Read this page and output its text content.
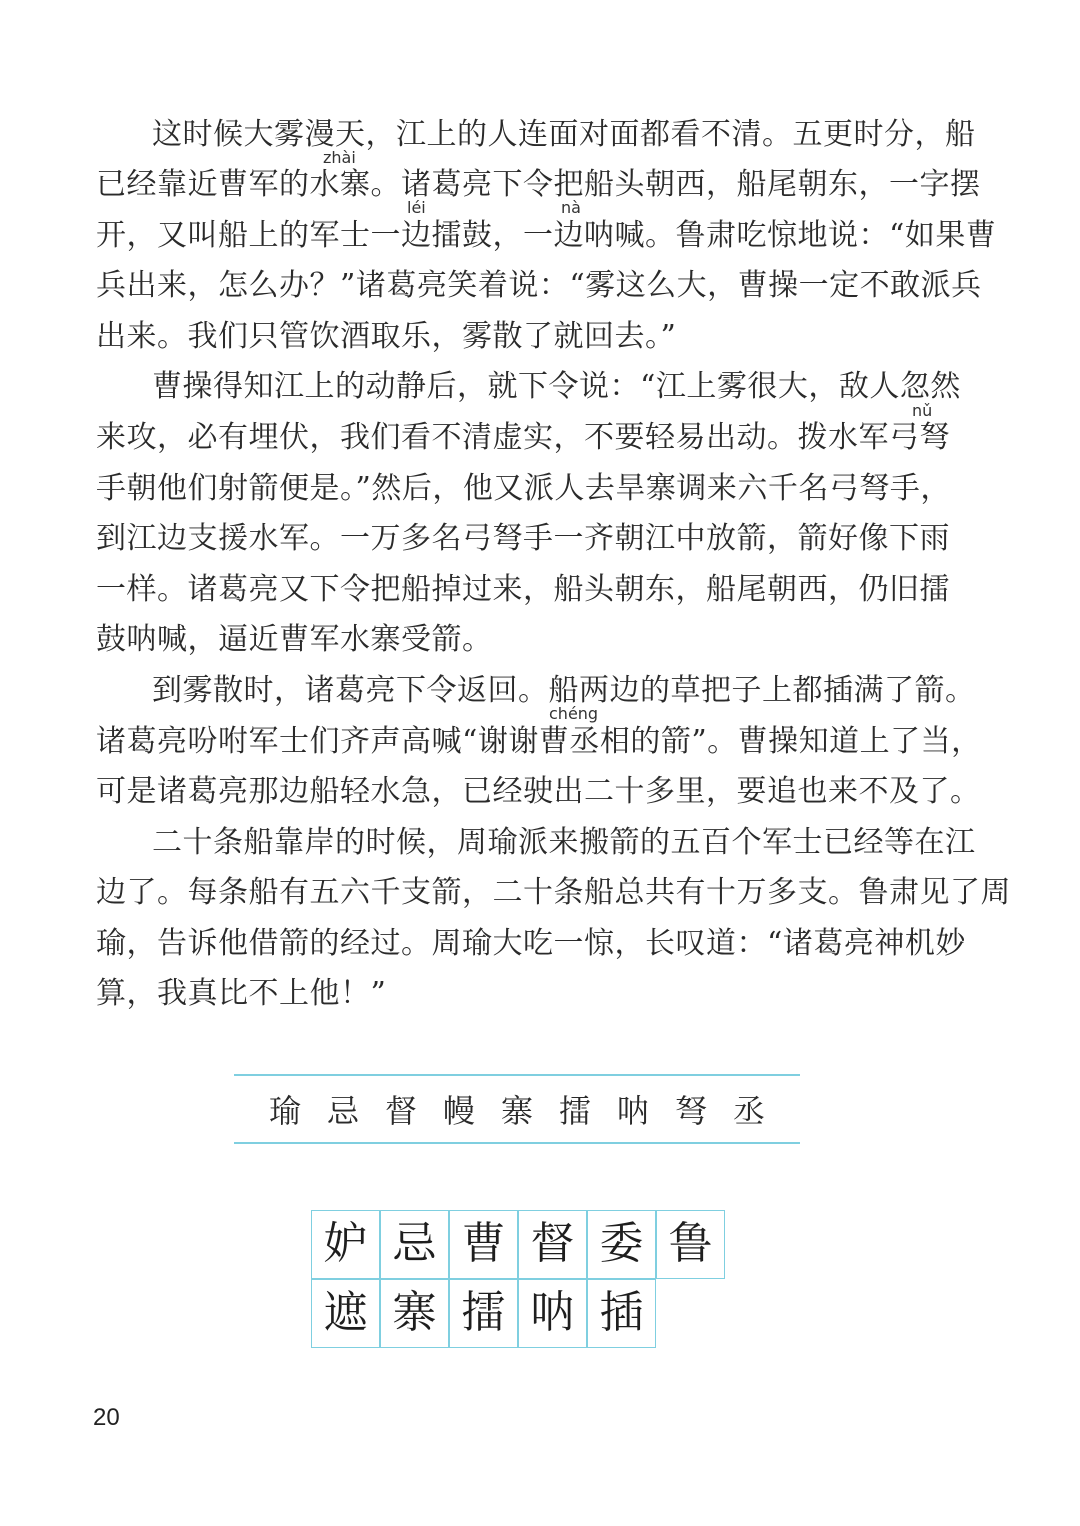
这时候大雾漫天，江上的人连面对面都看不清。五更时分，船
已经靠近曹军的水寨。诸葛亮下令把船头朝西，船尾朝东，一字摆
开，又叫船上的军士一边擂鼓，一边呐喊。鲁肃吃惊地说：“如果曹
兵出来，怎么办？”诸葛亮笑着说：“雾这么大，曹操一定不敢派兵
出来。我们只管饮酒取乐，雾散了就回去。”
曹操得知江上的动静后，就下令说：“江上雾很大，敌人忽然
来攻，必有埋伏，我们看不清虚实，不要轻易出动。拨水军弓弩
手朝他们射箭便是。”然后，他又派人去旱寨调来六千名弓弩手，
到江边支援水军。一万多名弓弩手一齐朝江中放箭，箭好像下雨
一样。诸葛亮又下令把船掉过来，船头朝东，船尾朝西，仍旧擂
鼓呐喊，逼近曹军水寨受箭。
到雾散时，诸葛亮下令返回。船两边的草把子上都插满了箭。
诸葛亮吩咐军士们齐声高喊“谢谢曹丞相的箭”。曹操知道上了当，
可是诸葛亮那边船轻水急，已经驶出二十多里，要追也来不及了。
二十条船靠岸的时候，周瑜派来搬箭的五百个军士已经等在江
边了。每条船有五六千支箭，二十条船总共有十万多支。鲁肃见了周
瑜，告诉他借箭的经过。周瑜大吃一惊，长叹道：“诸葛亮神机妙
算，我真比不上他！”
zhài
léi	nà
nǔ
chéng
瑜 忌 督 幔 寨 擂 呐 弩 丞
妒 忌 曹 督 委 鲁
遮 寨 擂 呐 插
20
